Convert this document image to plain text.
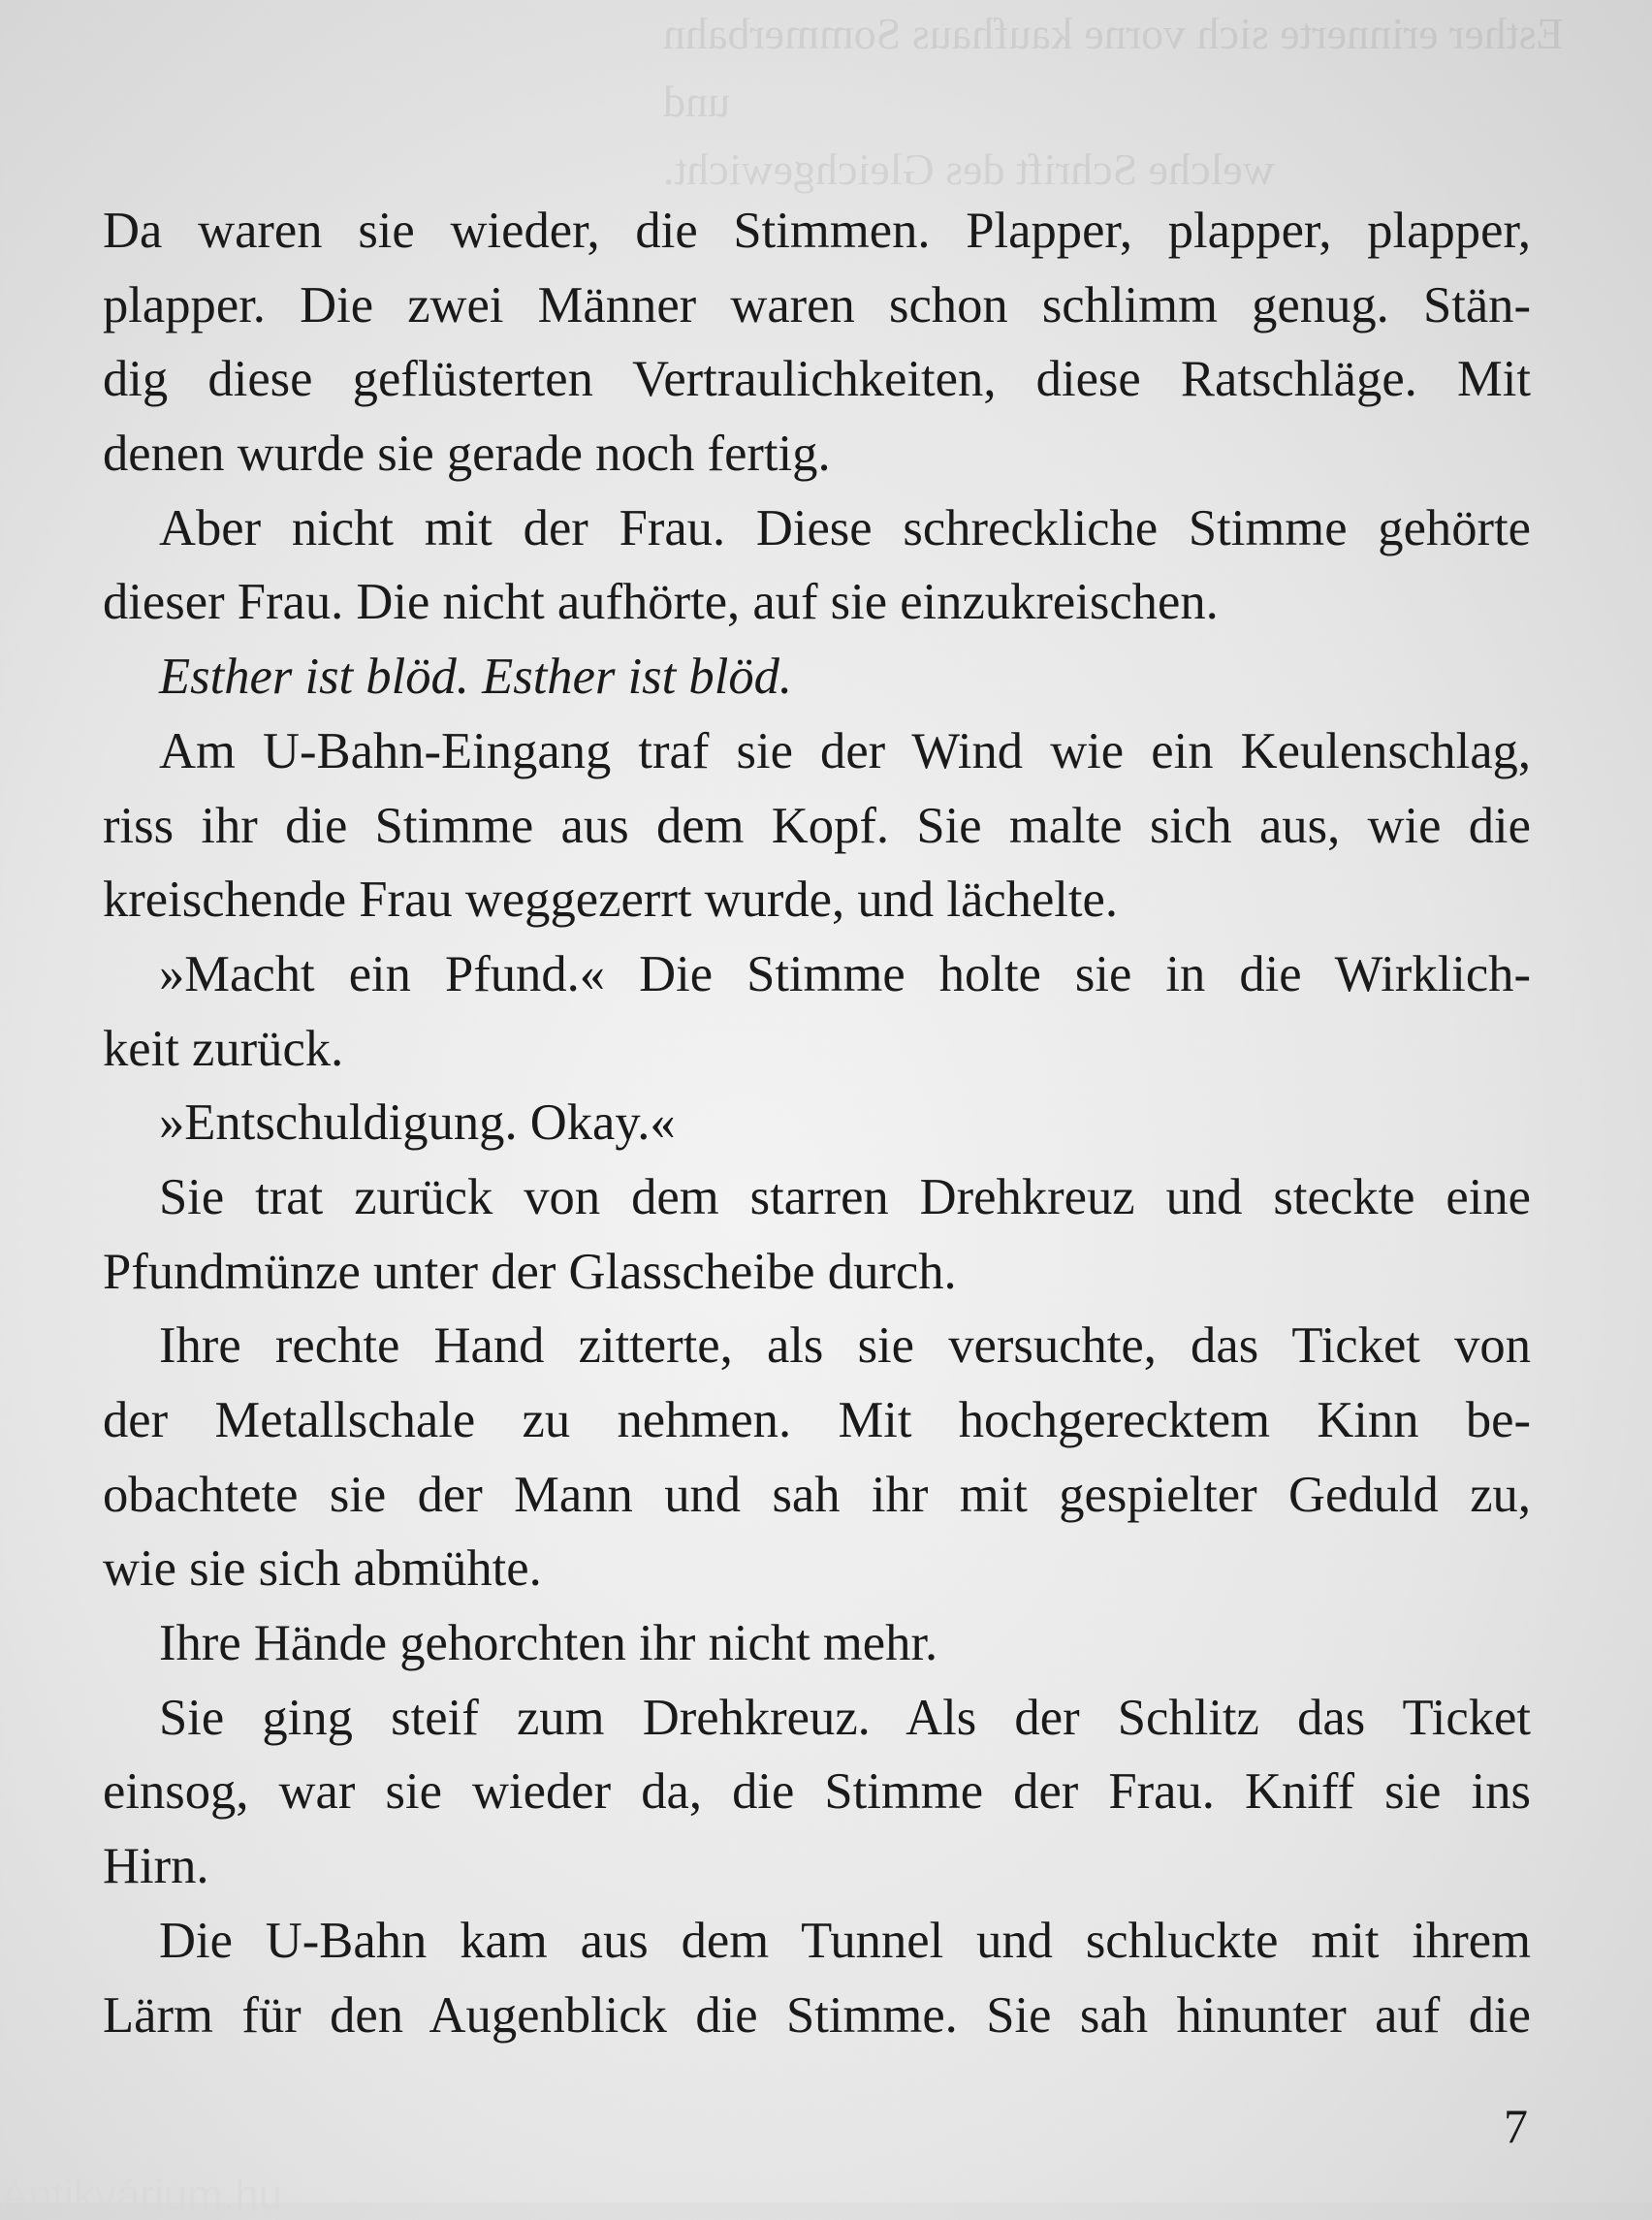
Esther erinnerte sich vorne kaufhaus Sommerbahn und
welche Schrift des Gleichgewicht.
Da waren sie wieder, die Stimmen. Plapper, plapper, plapper,
plapper. Die zwei Männer waren schon schlimm genug. Stän-
dig diese geflüsterten Vertraulichkeiten, diese Ratschläge. Mit
denen wurde sie gerade noch fertig.
Aber nicht mit der Frau. Diese schreckliche Stimme gehörte
dieser Frau. Die nicht aufhörte, auf sie einzukreischen.
Esther ist blöd. Esther ist blöd.
Am U-Bahn-Eingang traf sie der Wind wie ein Keulenschlag,
riss ihr die Stimme aus dem Kopf. Sie malte sich aus, wie die
kreischende Frau weggezerrt wurde, und lächelte.
»Macht ein Pfund.« Die Stimme holte sie in die Wirklich-
keit zurück.
»Entschuldigung. Okay.«
Sie trat zurück von dem starren Drehkreuz und steckte eine
Pfundmünze unter der Glasscheibe durch.
Ihre rechte Hand zitterte, als sie versuchte, das Ticket von
der Metallschale zu nehmen. Mit hochgerecktem Kinn be-
obachtete sie der Mann und sah ihr mit gespielter Geduld zu,
wie sie sich abmühte.
Ihre Hände gehorchten ihr nicht mehr.
Sie ging steif zum Drehkreuz. Als der Schlitz das Ticket
einsog, war sie wieder da, die Stimme der Frau. Kniff sie ins
Hirn.
Die U-Bahn kam aus dem Tunnel und schluckte mit ihrem
Lärm für den Augenblick die Stimme. Sie sah hinunter auf die
7
Antikvárium.hu
